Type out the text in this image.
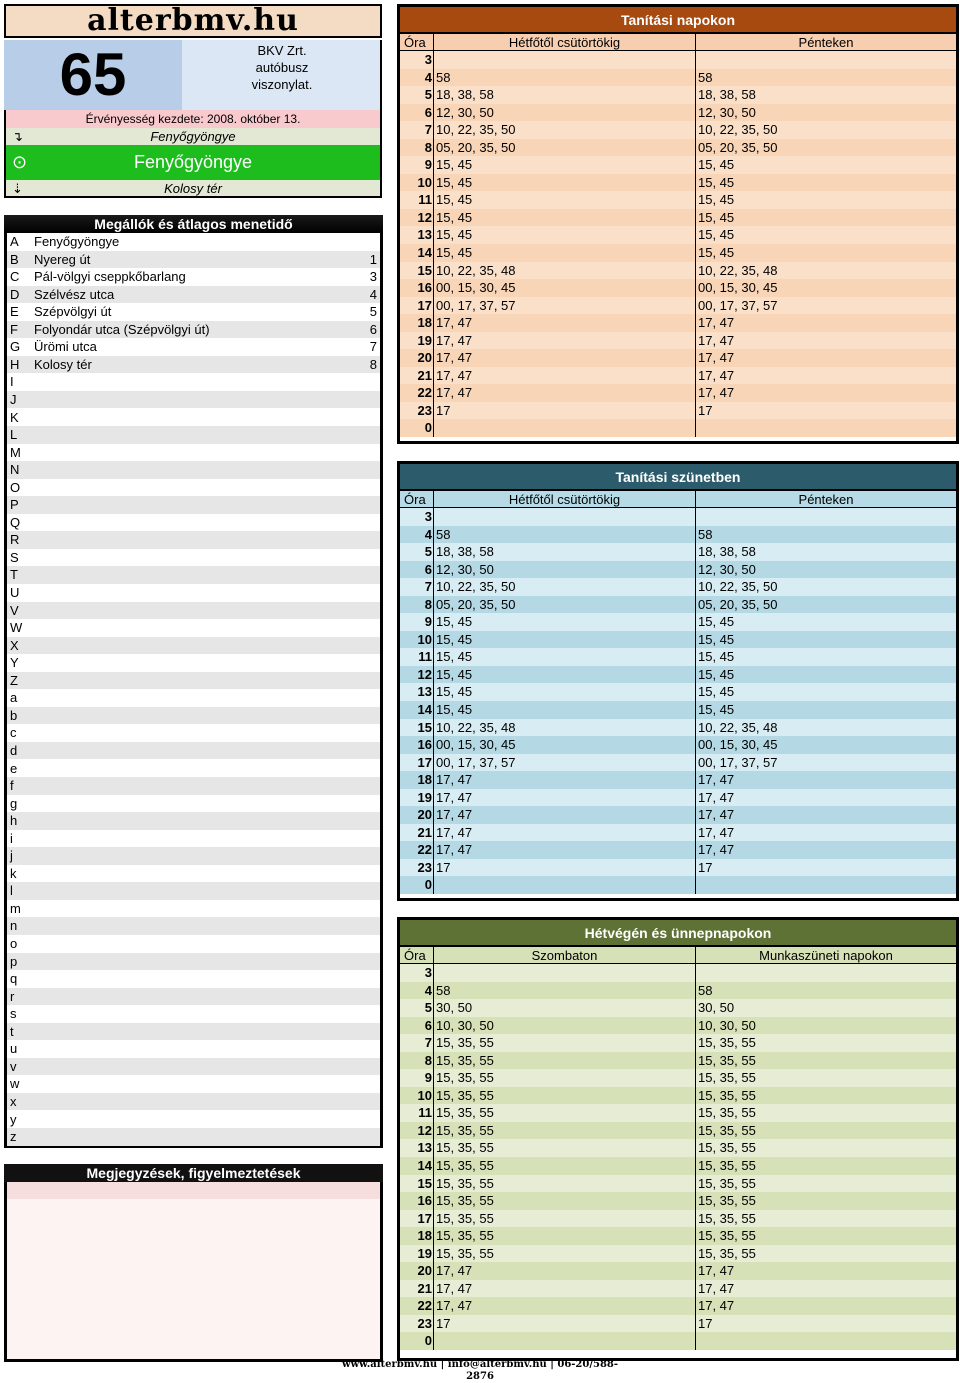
alterbmv.hu
65	BKV Zrt.
autóbusz
viszonylat.
Érvényesség kezdete: 2008. október 13.
↴	Fenyőgyöngye
⊙	Fenyőgyöngye
⇣	Kolosy tér
A Fenyőgyöngye
B Nyereg út	1
C Pál-völgyi cseppkőbarlang	3
D Szélvész utca	4
E Szépvölgyi út	5
F Folyondár utca (Szépvölgyi út)	6
G Ürömi utca	7
H Kolosy tér	8
I
J
K
L
M
N
O
P
Q
R
S
T
U
V
W
X
Y
Z
a
b
c
d
e
f
g
h
i
j
k
l
m
n
o
p
q
r
s
t
u
v
w
x
y
z
Megállók és átlagos menetidő
Megjegyzések, figyelmeztetések
Tanítási napokon
Óra	Hétfőtől csütörtökig	Pénteken
3
4 58	58
5 18, 38, 58	18, 38, 58
6 12, 30, 50	12, 30, 50
7 10, 22, 35, 50	10, 22, 35, 50
8 05, 20, 35, 50	05, 20, 35, 50
9 15, 45	15, 45
10 15, 45	15, 45
11 15, 45	15, 45
12 15, 45	15, 45
13 15, 45	15, 45
14 15, 45	15, 45
15 10, 22, 35, 48	10, 22, 35, 48
16 00, 15, 30, 45	00, 15, 30, 45
17 00, 17, 37, 57	00, 17, 37, 57
18 17, 47	17, 47
19 17, 47	17, 47
20 17, 47	17, 47
21 17, 47	17, 47
22 17, 47	17, 47
23 17	17
0
Tanítási szünetben
Óra	Hétfőtől csütörtökig	Pénteken
3
4 58	58
5 18, 38, 58	18, 38, 58
6 12, 30, 50	12, 30, 50
7 10, 22, 35, 50	10, 22, 35, 50
8 05, 20, 35, 50	05, 20, 35, 50
9 15, 45	15, 45
10 15, 45	15, 45
11 15, 45	15, 45
12 15, 45	15, 45
13 15, 45	15, 45
14 15, 45	15, 45
15 10, 22, 35, 48	10, 22, 35, 48
16 00, 15, 30, 45	00, 15, 30, 45
17 00, 17, 37, 57	00, 17, 37, 57
18 17, 47	17, 47
19 17, 47	17, 47
20 17, 47	17, 47
21 17, 47	17, 47
22 17, 47	17, 47
23 17	17
0
Hétvégén és ünnepnapokon
Óra	Szombaton	Munkaszüneti napokon
3
4 58	58
5 30, 50	30, 50
6 10, 30, 50	10, 30, 50
7 15, 35, 55	15, 35, 55
8 15, 35, 55	15, 35, 55
9 15, 35, 55	15, 35, 55
10 15, 35, 55	15, 35, 55
11 15, 35, 55	15, 35, 55
12 15, 35, 55	15, 35, 55
13 15, 35, 55	15, 35, 55
14 15, 35, 55	15, 35, 55
15 15, 35, 55	15, 35, 55
16 15, 35, 55	15, 35, 55
17 15, 35, 55	15, 35, 55
18 15, 35, 55	15, 35, 55
19 15, 35, 55	15, 35, 55
20 17, 47	17, 47
21 17, 47	17, 47
22 17, 47	17, 47
23 17	17
0
www.alterbmv.hu | info@alterbmv.hu | 06-20/588-2876
